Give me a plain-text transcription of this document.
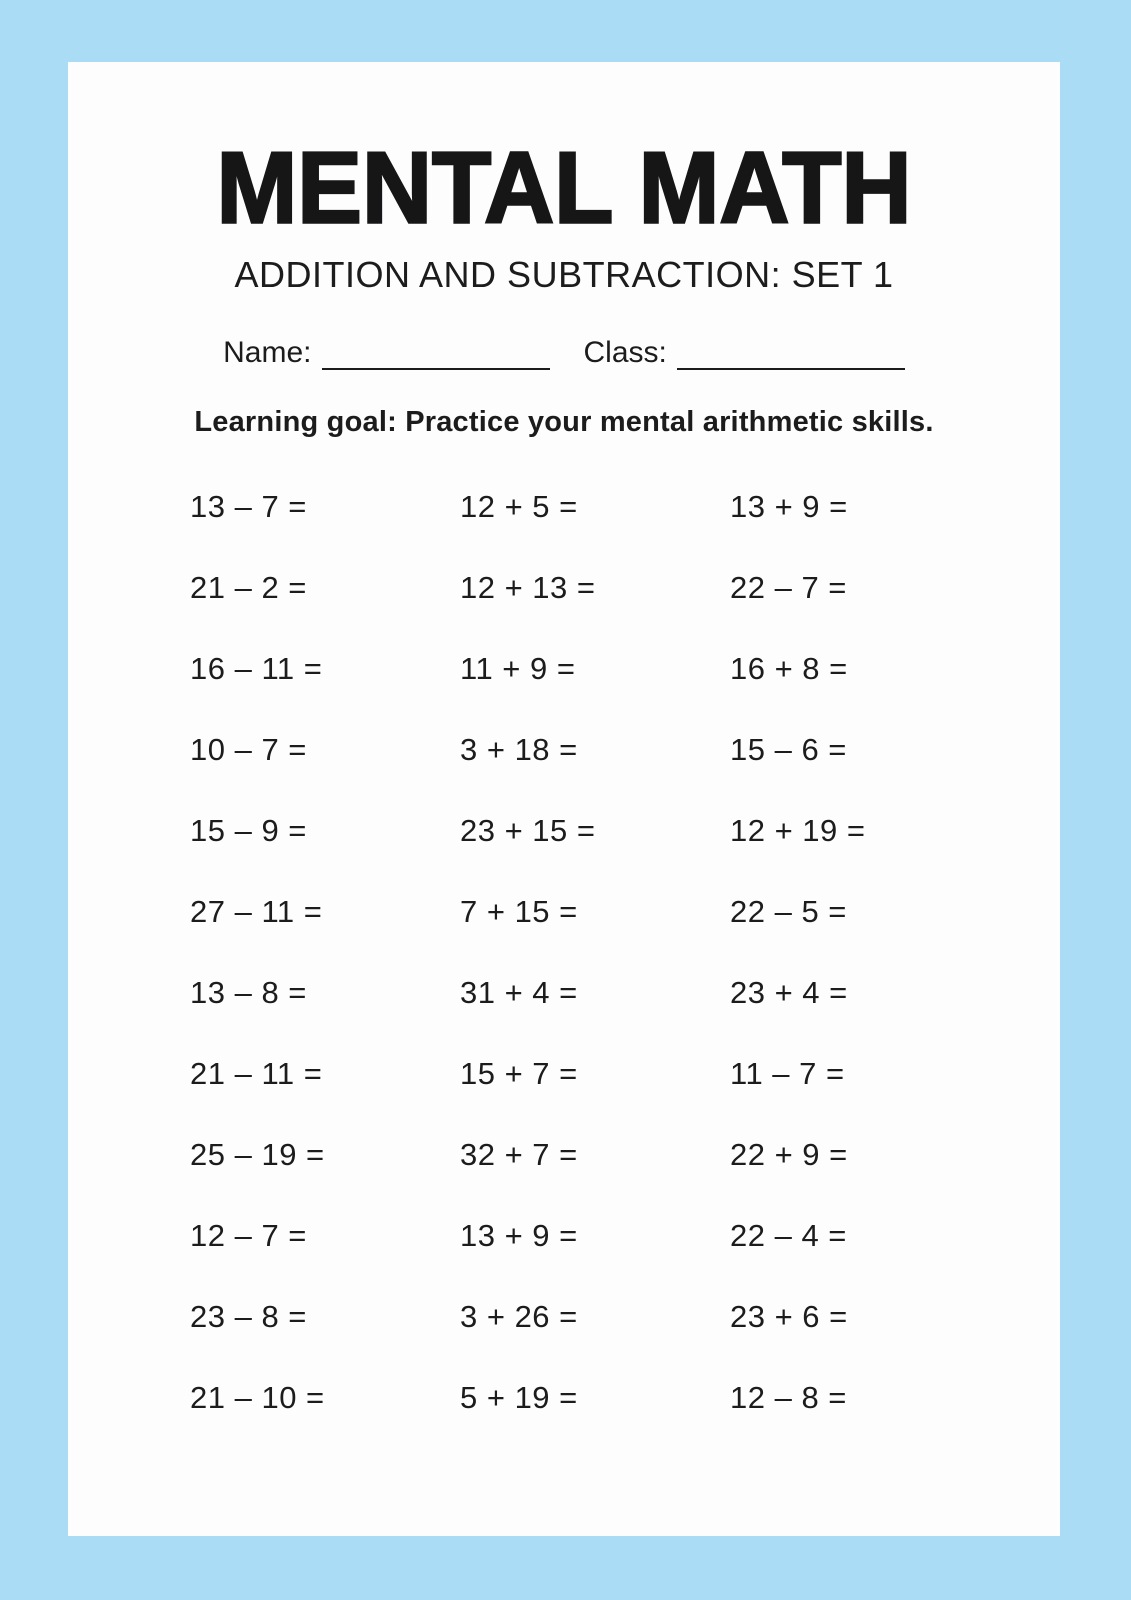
MENTAL MATH
ADDITION AND SUBTRACTION: SET 1
Name:	Class:
Learning goal: Practice your mental arithmetic skills.
13 – 7 =	12 + 5 =	13 + 9 =
21 – 2 =	12 + 13 =	22 – 7 =
16 – 11 =	11 + 9 =	16 + 8 =
10 – 7 =	3 + 18 =	15 – 6 =
15 – 9 =	23 + 15 =	12 + 19 =
27 – 11 =	7 + 15 =	22 – 5 =
13 – 8 =	31 + 4 =	23 + 4 =
21 – 11 =	15 + 7 =	11 – 7 =
25 – 19 =	32 + 7 =	22 + 9 =
12 – 7 =	13 + 9 =	22 – 4 =
23 – 8 =	3 + 26 =	23 + 6 =
21 – 10 =	5 + 19 =	12 – 8 =
